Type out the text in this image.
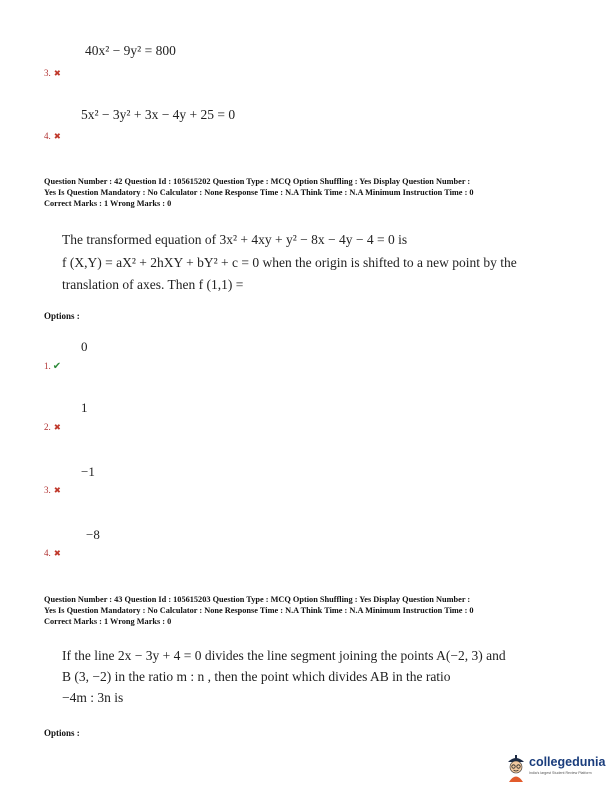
40x² − 9y² = 800
3. ✖
5x² − 3y² + 3x − 4y + 25 = 0
4. ✖
Question Number : 42 Question Id : 105615202 Question Type : MCQ Option Shuffling : Yes Display Question Number :
Yes Is Question Mandatory : No Calculator : None Response Time : N.A Think Time : N.A Minimum Instruction Time : 0
Correct Marks : 1 Wrong Marks : 0
The transformed equation of 3x² + 4xy + y² − 8x − 4y − 4 = 0 is
f (X,Y) = aX² + 2hXY + bY² + c = 0 when the origin is shifted to a new point by the
translation of axes. Then f (1,1) =
Options :
0
1. ✔
1
2. ✖
−1
3. ✖
−8
4. ✖
Question Number : 43 Question Id : 105615203 Question Type : MCQ Option Shuffling : Yes Display Question Number :
Yes Is Question Mandatory : No Calculator : None Response Time : N.A Think Time : N.A Minimum Instruction Time : 0
Correct Marks : 1 Wrong Marks : 0
If the line 2x − 3y + 4 = 0 divides the line segment joining the points A(−2, 3) and
B (3, −2) in the ratio m : n , then the point which divides AB in the ratio
−4m : 3n is
Options :
collegedunia
India's largest Student Review Platform
